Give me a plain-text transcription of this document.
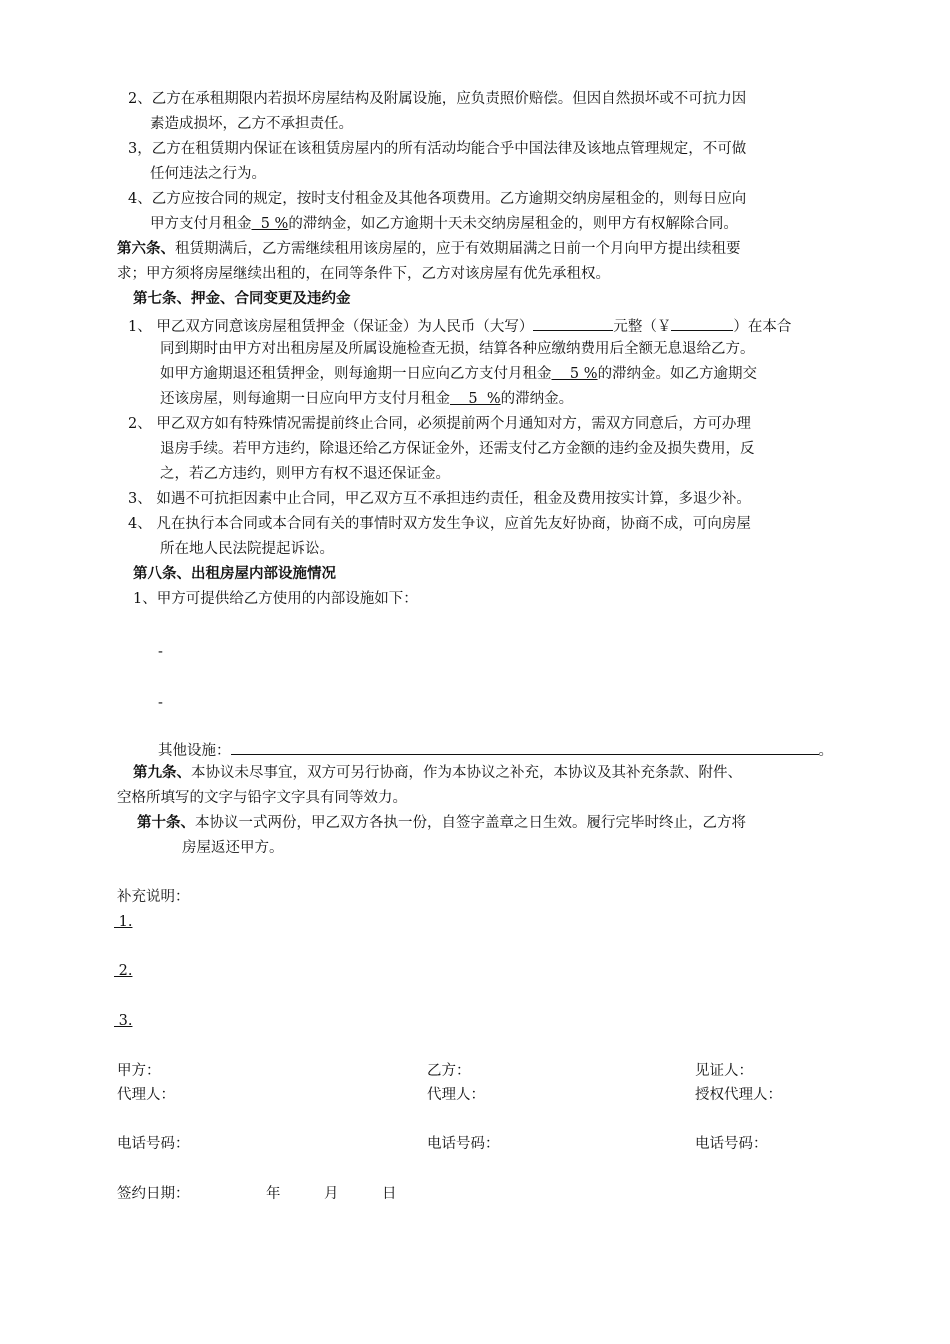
2、乙方在承租期限内若损坏房屋结构及附属设施，应负责照价赔偿。但因自然损坏或不可抗力因
素造成损坏，乙方不承担责任。
3，乙方在租赁期内保证在该租赁房屋内的所有活动均能合乎中国法律及该地点管理规定，不可做
任何违法之行为。
4、乙方应按合同的规定，按时支付租金及其他各项费用。乙方逾期交纳房屋租金的，则每日应向
甲方支付月租金  5 %的滞纳金，如乙方逾期十天未交纳房屋租金的，则甲方有权解除合同。
第六条、租赁期满后，乙方需继续租用该房屋的，应于有效期届满之日前一个月向甲方提出续租要
求；甲方须将房屋继续出租的，在同等条件下，乙方对该房屋有优先承租权。
第七条、押金、合同变更及违约金
1、 甲乙双方同意该房屋租赁押金（保证金）为人民币（大写）	元整（￥	）在本合
同到期时由甲方对出租房屋及所属设施检查无损，结算各种应缴纳费用后全额无息退给乙方。
如甲方逾期退还租赁押金，则每逾期一日应向乙方支付月租金    5 %的滞纳金。如乙方逾期交
还该房屋，则每逾期一日应向甲方支付月租金    5  %的滞纳金。
2、 甲乙双方如有特殊情况需提前终止合同，必须提前两个月通知对方，需双方同意后，方可办理
退房手续。若甲方违约，除退还给乙方保证金外，还需支付乙方金额的违约金及损失费用，反
之，若乙方违约，则甲方有权不退还保证金。
3、 如遇不可抗拒因素中止合同，甲乙双方互不承担违约责任，租金及费用按实计算，多退少补。
4、 凡在执行本合同或本合同有关的事情时双方发生争议，应首先友好协商，协商不成，可向房屋
所在地人民法院提起诉讼。
第八条、出租房屋内部设施情况
1、甲方可提供给乙方使用的内部设施如下：
-
-
其他设施：	。
第九条、本协议未尽事宜，双方可另行协商，作为本协议之补充，本协议及其补充条款、附件、
空格所填写的文字与铅字文字具有同等效力。
第十条、本协议一式两份，甲乙双方各执一份，自签字盖章之日生效。履行完毕时终止，乙方将
房屋返还甲方。
补充说明：
1.
2.
3.
甲方：	乙方：	见证人：
代理人：	代理人：	授权代理人：
电话号码：	电话号码：	电话号码：
签约日期：	年	月	日
